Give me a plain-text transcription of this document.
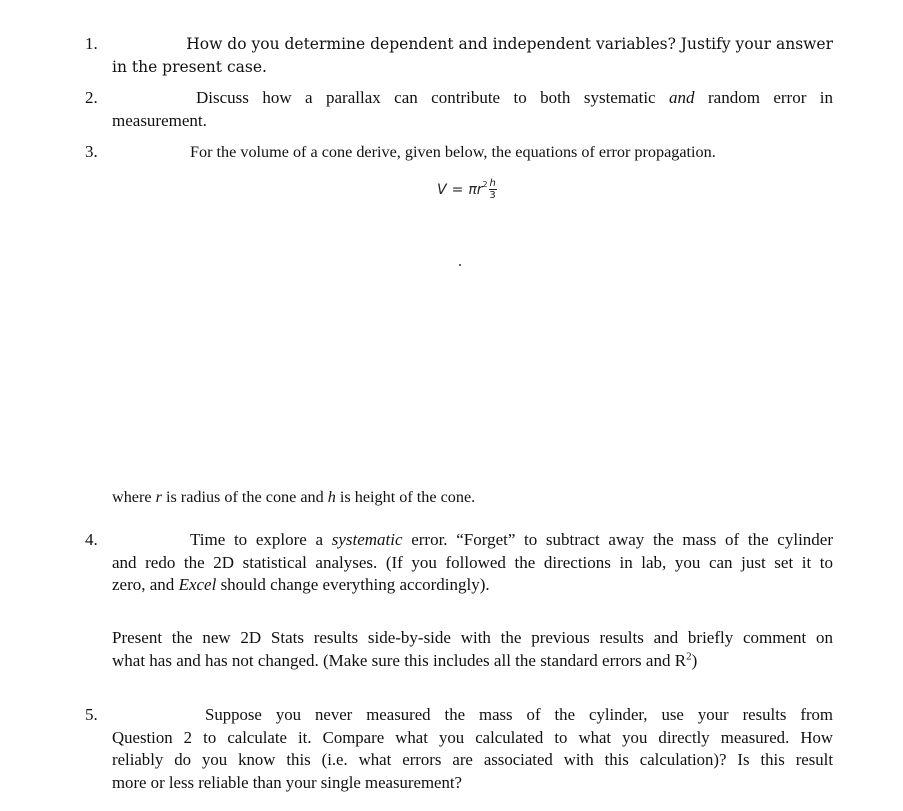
1.	How do you determine dependent and independent variables? Justify your answer
in the present case.
2.	Discuss how a parallax can contribute to both systematic and random error in
measurement.
3.	For the volume of a cone derive, given below, the equations of error propagation.
V = π $r^2 \frac{h}{3}$
where r is radius of the cone and h is height of the cone.
4.	Time to explore a systematic error. “Forget” to subtract away the mass of the cylinder
and redo the 2D statistical analyses. (If you followed the directions in lab, you can just set it to
zero, and Excel should change everything accordingly).
Present the new 2D Stats results side-by-side with the previous results and briefly comment on
what has and has not changed. (Make sure this includes all the standard errors and $R^2$)
5.	Suppose you never measured the mass of the cylinder, use your results from
Question 2 to calculate it. Compare what you calculated to what you directly measured. How
reliably do you know this (i.e. what errors are associated with this calculation)? Is this result
more or less reliable than your single measurement?
